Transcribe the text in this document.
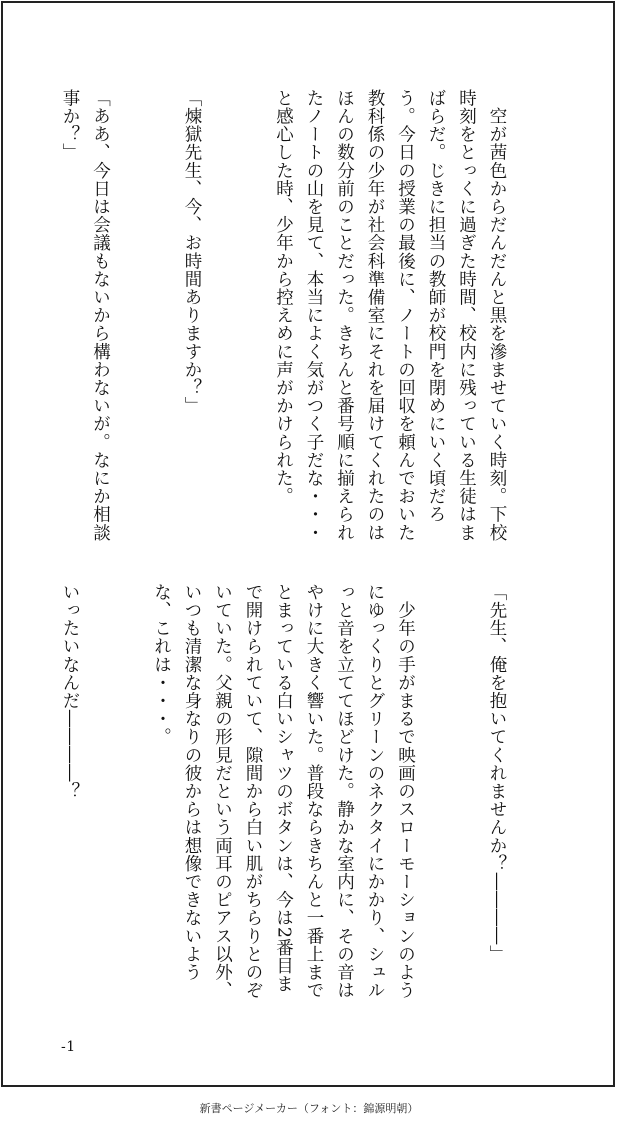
　空が茜色からだんだんと黒を滲ませていく時刻。下校時刻をとっくに過ぎた時間、校内に残っている生徒はまばらだ。じきに担当の教師が校門を閉めにいく頃だろう。今日の授業の最後に、ノートの回収を頼んでおいた教科係の少年が社会科準備室にそれを届けてくれたのはほんの数分前のことだった。きちんと番号順に揃えられたノートの山を見て、本当によく気がつく子だな・・・と感心した時、少年から控えめに声がかけられた。

「煉獄先生、今、お時間ありますか？」

「ああ、今日は会議もないから構わないが。なにか相談事か？」

「先生、俺を抱いてくれませんか？――――」

　少年の手がまるで映画のスローモーションのようにゆっくりとグリーンのネクタイにかかり、シュルっと音を立ててほどけた。静かな室内に、その音はやけに大きく響いた。普段ならきちんと一番上までとまっている白いシャツのボタンは、今は2番目まで開けられていて、隙間から白い肌がちらりとのぞいていた。父親の形見だという両耳のピアス以外、いつも清潔な身なりの彼からは想像できないような、これは・・・。

いったいなんだ――――？

-1
新書ページメーカー（フォント：錦源明朝）
